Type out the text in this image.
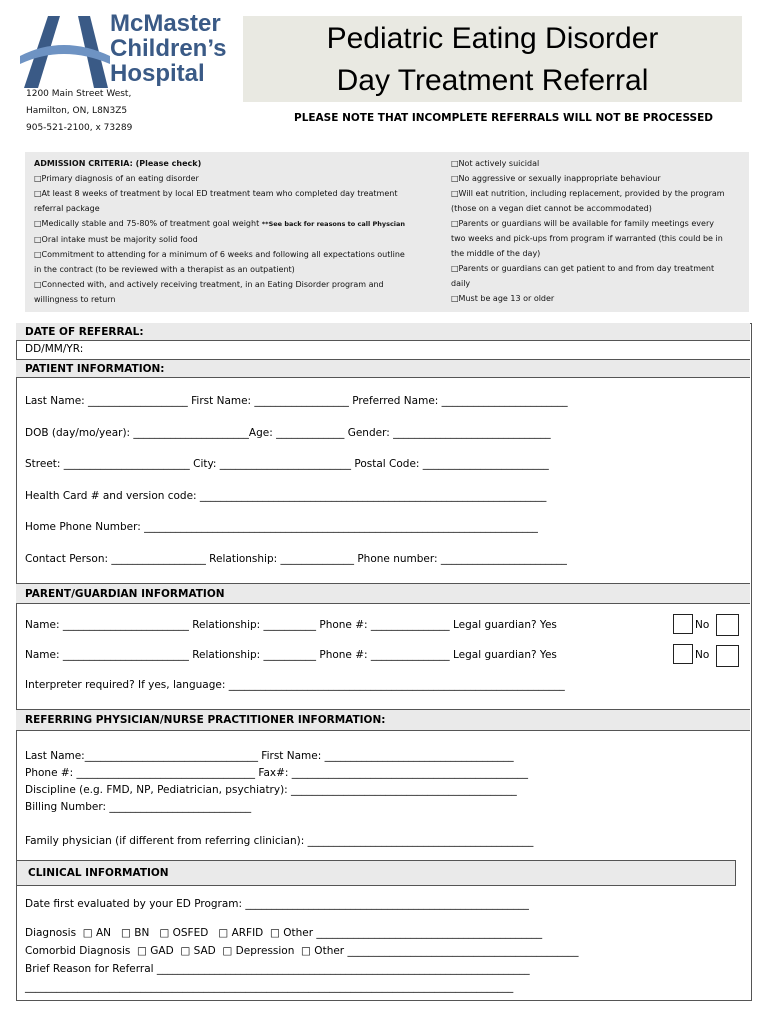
McMaster
Children’s
Hospital
1200 Main Street West,
Hamilton, ON, L8N3Z5
905-521-2100, x 73289
Pediatric Eating Disorder
Day Treatment Referral
PLEASE NOTE THAT INCOMPLETE REFERRALS WILL NOT BE PROCESSED
ADMISSION CRITERIA: (Please check)
□Primary diagnosis of an eating disorder
□At least 8 weeks of treatment by local ED treatment team who completed day treatment
referral package
□Medically stable and 75-80% of treatment goal weight **See back for reasons to call Physcian
□Oral intake must be majority solid food
□Commitment to attending for a minimum of 6 weeks and following all expectations outline
in the contract (to be reviewed with a therapist as an outpatient)
□Connected with, and actively receiving treatment, in an Eating Disorder program and
willingness to return
□Not actively suicidal
□No aggressive or sexually inappropriate behaviour
□Will eat nutrition, including replacement, provided by the program
(those on a vegan diet cannot be accommodated)
□Parents or guardians will be available for family meetings every
two weeks and pick-ups from program if warranted (this could be in
the middle of the day)
□Parents or guardians can get patient to and from day treatment
daily
□Must be age 13 or older
DATE OF REFERRAL:
DD/MM/YR:
PATIENT INFORMATION:
Last Name: ___________________ First Name: __________________ Preferred Name: ________________________
DOB (day/mo/year): ______________________Age: _____________ Gender: ______________________________
Street: ________________________ City: _________________________ Postal Code: ________________________
Health Card # and version code: __________________________________________________________________
Home Phone Number: ___________________________________________________________________________
Contact Person: __________________ Relationship: ______________ Phone number: ________________________
PARENT/GUARDIAN INFORMATION
Name: ________________________ Relationship: __________ Phone #: _______________ Legal guardian? Yes	No
Name: ________________________ Relationship: __________ Phone #: _______________ Legal guardian? Yes	No
Interpreter required? If yes, language: ________________________________________________________________
REFERRING PHYSICIAN/NURSE PRACTITIONER INFORMATION:
Last Name:_________________________________ First Name: ____________________________________
Phone #: __________________________________ Fax#: _____________________________________________
Discipline (e.g. FMD, NP, Pediatrician, psychiatry): ___________________________________________
Billing Number: ___________________________
Family physician (if different from referring clinician): ___________________________________________
CLINICAL INFORMATION
Date first evaluated by your ED Program: ______________________________________________________
Diagnosis  □ AN   □ BN   □ OSFED   □ ARFID  □ Other ___________________________________________
Comorbid Diagnosis  □ GAD  □ SAD  □ Depression  □ Other ____________________________________________
Brief Reason for Referral _______________________________________________________________________
_____________________________________________________________________________________________
